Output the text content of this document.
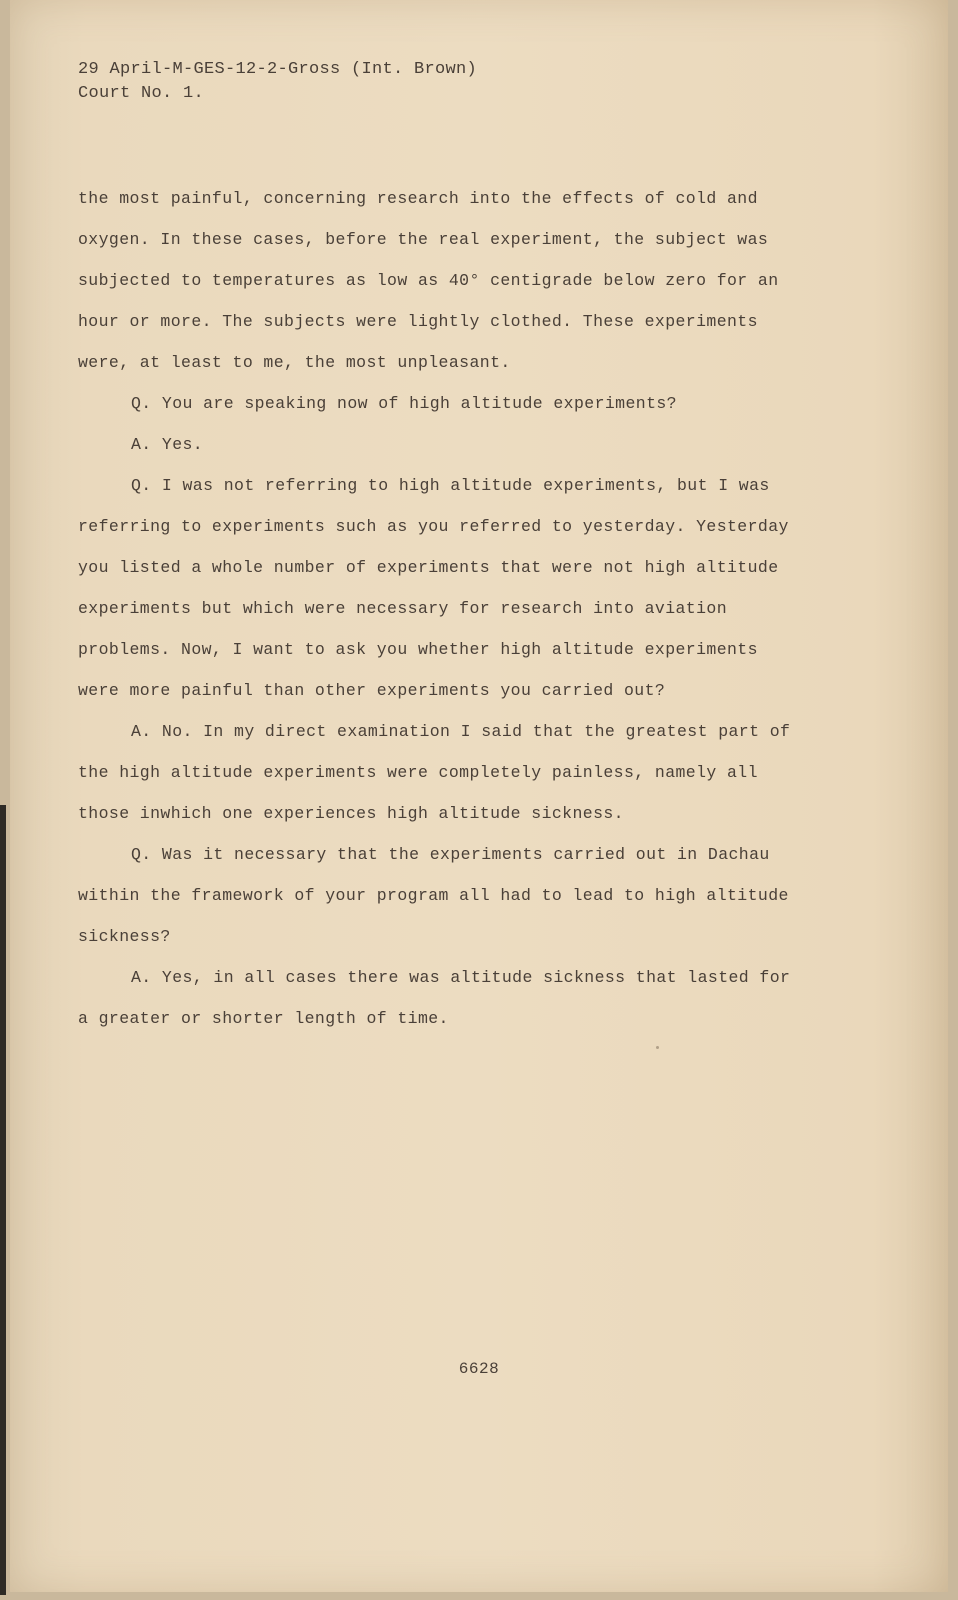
29 April-M-GES-12-2-Gross (Int. Brown)
Court No. 1.

the most painful, concerning research into the effects of cold and oxygen. In these cases, before the real experiment, the subject was subjected to temperatures as low as 40° centigrade below zero for an hour or more. The subjects were lightly clothed. These experiments were, at least to me, the most unpleasant.

Q. You are speaking now of high altitude experiments?

A. Yes.

Q. I was not referring to high altitude experiments, but I was referring to experiments such as you referred to yesterday. Yesterday you listed a whole number of experiments that were not high altitude experiments but which were necessary for research into aviation problems. Now, I want to ask you whether high altitude experiments were more painful than other experiments you carried out?

A. No. In my direct examination I said that the greatest part of the high altitude experiments were completely painless, namely all those inwhich one experiences high altitude sickness.

Q. Was it necessary that the experiments carried out in Dachau within the framework of your program all had to lead to high altitude sickness?

A. Yes, in all cases there was altitude sickness that lasted for a greater or shorter length of time.

6628
